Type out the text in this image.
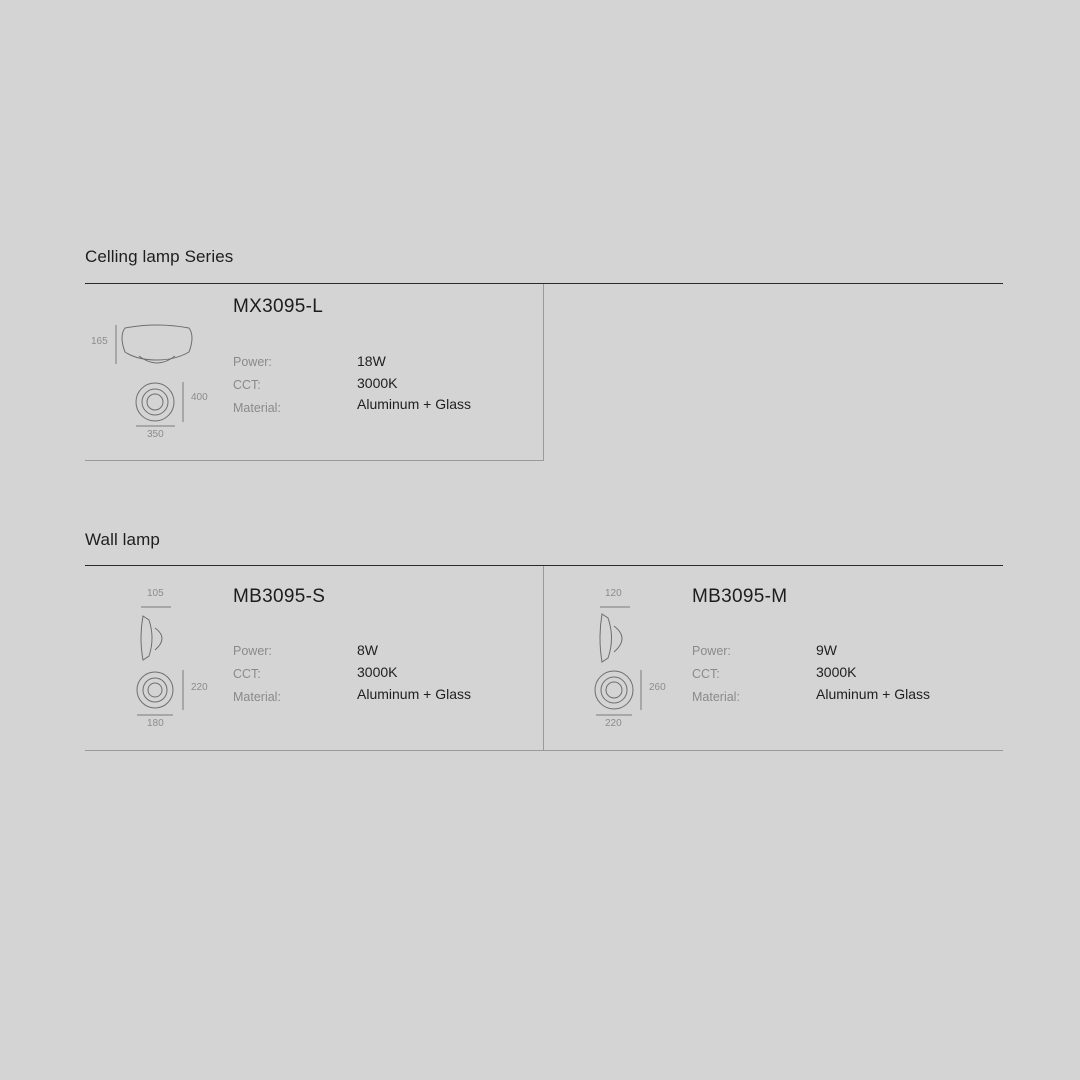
Celling lamp Series
165
400
350
MX3095-L
Power:	18W
CCT:	3000K
Material:	Aluminum + Glass
Wall lamp
105
220
180
MB3095-S
Power:	8W
CCT:	3000K
Material:	Aluminum + Glass
120
260
220
MB3095-M
Power:	9W
CCT:	3000K
Material:	Aluminum + Glass
